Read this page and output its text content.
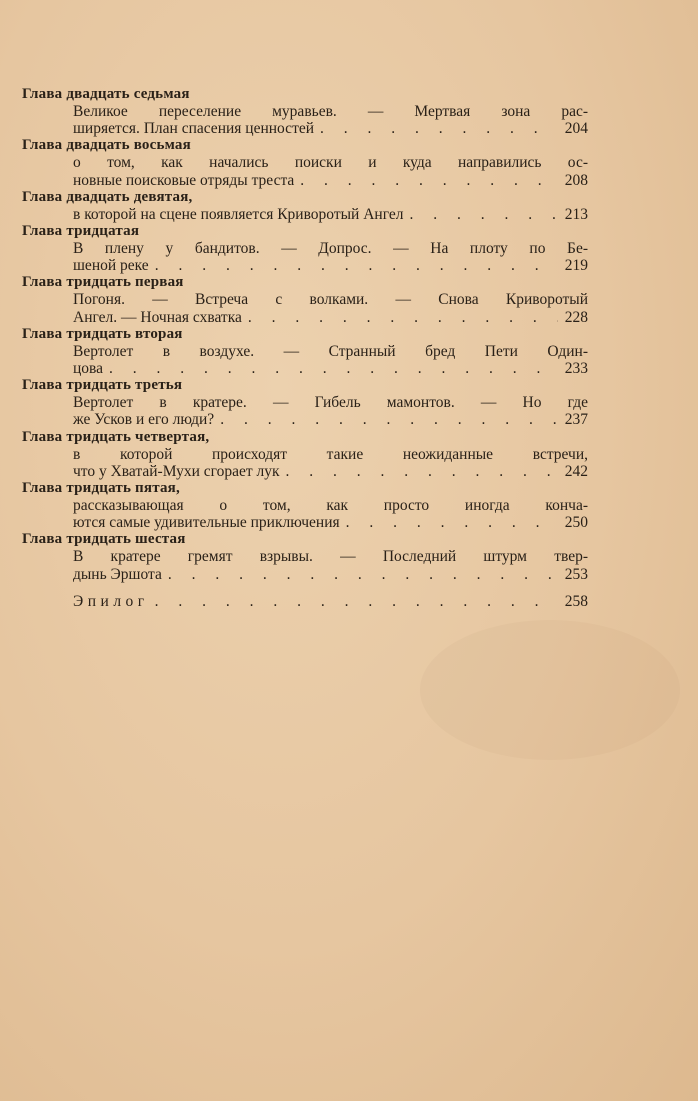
Глава двадцать седьмая
Великое переселение муравьев. — Мертвая зона рас-
ширяется. План спасения ценностей . . .	204
Глава двадцать восьмая
о том, как начались поиски и куда направились ос-
новные поисковые отряды треста . . .	208
Глава двадцать девятая,
в которой на сцене появляется Криворотый Ангел . . .	213
Глава тридцатая
В плену у бандитов. — Допрос. — На плоту по Бе-
шеной реке . . .	219
Глава тридцать первая
Погоня. — Встреча с волками. — Снова Криворотый
Ангел. — Ночная схватка . . .	228
Глава тридцать вторая
Вертолет в воздухе. — Странный бред Пети Один-
цова . . .	233
Глава тридцать третья
Вертолет в кратере. — Гибель мамонтов. — Но где
же Усков и его люди? . . .	237
Глава тридцать четвертая,
в которой происходят такие неожиданные встречи,
что у Хватай-Мухи сгорает лук . . .	242
Глава тридцать пятая,
рассказывающая о том, как просто иногда конча-
ются самые удивительные приключения . . .	250
Глава тридцать шестая
В кратере гремят взрывы. — Последний штурм твер-
дынь Эршота . . .	253
Эпилог . . .	258
